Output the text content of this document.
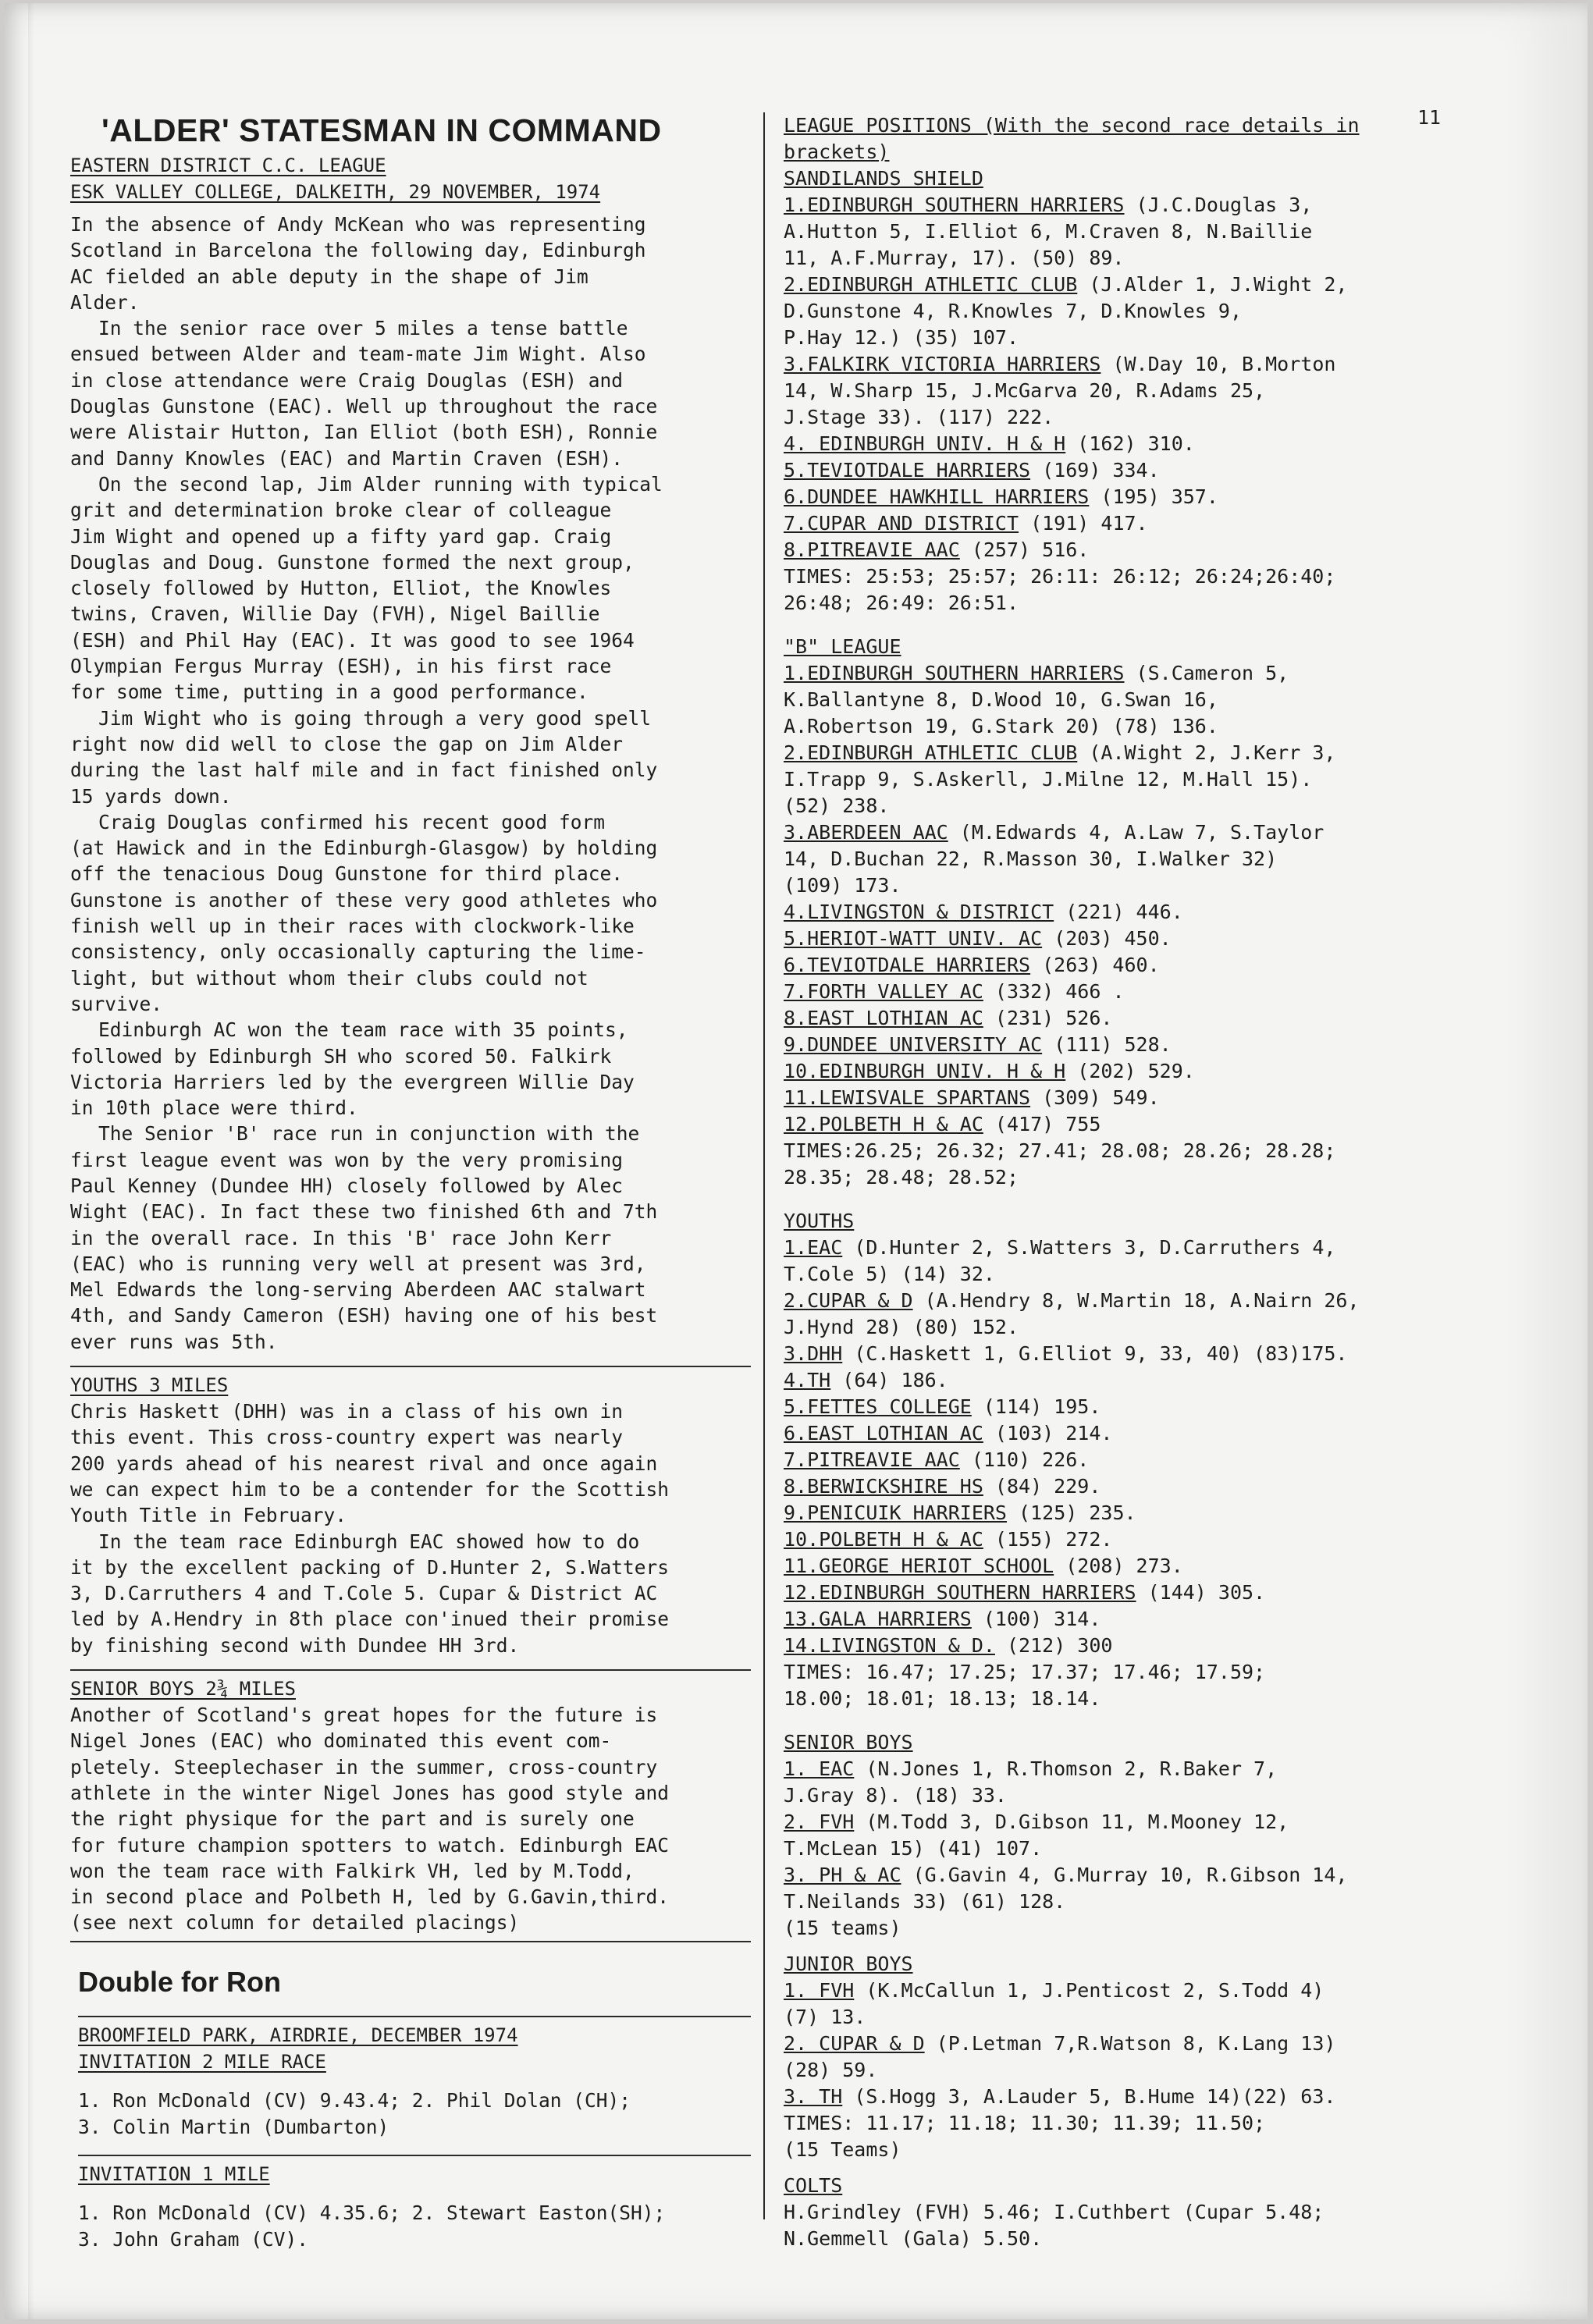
'ALDER' STATESMAN IN COMMAND

EASTERN DISTRICT C.C. LEAGUE

ESK VALLEY COLLEGE, DALKEITH, 29 NOVEMBER, 1974

In the absence of Andy McKean who was representing
Scotland in Barcelona the following day, Edinburgh
AC fielded an able deputy in the shape of Jim
Alder.

In the senior race over 5 miles a tense battle
ensued between Alder and team-mate Jim Wight. Also
in close attendance were Craig Douglas (ESH) and
Douglas Gunstone (EAC). Well up throughout the race
were Alistair Hutton, Ian Elliot (both ESH), Ronnie
and Danny Knowles (EAC) and Martin Craven (ESH).

On the second lap, Jim Alder running with typical
grit and determination broke clear of colleague
Jim Wight and opened up a fifty yard gap. Craig
Douglas and Doug. Gunstone formed the next group,
closely followed by Hutton, Elliot, the Knowles
twins, Craven, Willie Day (FVH), Nigel Baillie
(ESH) and Phil Hay (EAC). It was good to see 1964
Olympian Fergus Murray (ESH), in his first race
for some time, putting in a good performance.

Jim Wight who is going through a very good spell
right now did well to close the gap on Jim Alder
during the last half mile and in fact finished only
15 yards down.

Craig Douglas confirmed his recent good form
(at Hawick and in the Edinburgh-Glasgow) by holding
off the tenacious Doug Gunstone for third place.
Gunstone is another of these very good athletes who
finish well up in their races with clockwork-like
consistency, only occasionally capturing the lime-
light, but without whom their clubs could not
survive.

Edinburgh AC won the team race with 35 points,
followed by Edinburgh SH who scored 50. Falkirk
Victoria Harriers led by the evergreen Willie Day
in 10th place were third.

The Senior 'B' race run in conjunction with the
first league event was won by the very promising
Paul Kenney (Dundee HH) closely followed by Alec
Wight (EAC). In fact these two finished 6th and 7th
in the overall race. In this 'B' race John Kerr
(EAC) who is running very well at present was 3rd,
Mel Edwards the long-serving Aberdeen AAC stalwart
4th, and Sandy Cameron (ESH) having one of his best
ever runs was 5th.

YOUTHS 3 MILES

Chris Haskett (DHH) was in a class of his own in
this event. This cross-country expert was nearly
200 yards ahead of his nearest rival and once again
we can expect him to be a contender for the Scottish
Youth Title in February.

In the team race Edinburgh EAC showed how to do
it by the excellent packing of D.Hunter 2, S.Watters
3, D.Carruthers 4 and T.Cole 5. Cupar & District AC
led by A.Hendry in 8th place con'inued their promise
by finishing second with Dundee HH 3rd.

SENIOR BOYS 2¾ MILES

Another of Scotland's great hopes for the future is
Nigel Jones (EAC) who dominated this event com-
pletely. Steeplechaser in the summer, cross-country
athlete in the winter Nigel Jones has good style and
the right physique for the part and is surely one
for future champion spotters to watch. Edinburgh EAC
won the team race with Falkirk VH, led by M.Todd,
in second place and Polbeth H, led by G.Gavin,third.
(see next column for detailed placings)

Double for Ron

BROOMFIELD PARK, AIRDRIE, DECEMBER 1974

INVITATION 2 MILE RACE

1. Ron McDonald (CV) 9.43.4; 2. Phil Dolan (CH);
3. Colin Martin (Dumbarton)

INVITATION 1 MILE

1. Ron McDonald (CV) 4.35.6; 2. Stewart Easton(SH);
3. John Graham (CV).

LEAGUE POSITIONS (With the second race details in
brackets)

11

SANDILANDS SHIELD

1.EDINBURGH SOUTHERN HARRIERS (J.C.Douglas 3,
A.Hutton 5, I.Elliot 6, M.Craven 8, N.Baillie
11, A.F.Murray, 17). (50) 89.

2.EDINBURGH ATHLETIC CLUB (J.Alder 1, J.Wight 2,
D.Gunstone 4, R.Knowles 7, D.Knowles 9,
P.Hay 12.) (35) 107.

3.FALKIRK VICTORIA HARRIERS (W.Day 10, B.Morton
14, W.Sharp 15, J.McGarva 20, R.Adams 25,
J.Stage 33). (117) 222.

4. EDINBURGH UNIV. H & H (162) 310.

5.TEVIOTDALE HARRIERS (169) 334.

6.DUNDEE HAWKHILL HARRIERS (195) 357.

7.CUPAR AND DISTRICT (191) 417.

8.PITREAVIE AAC (257) 516.

TIMES: 25:53; 25:57; 26:11: 26:12; 26:24;26:40;
26:48; 26:49: 26:51.

"B" LEAGUE

1.EDINBURGH SOUTHERN HARRIERS (S.Cameron 5,
K.Ballantyne 8, D.Wood 10, G.Swan 16,
A.Robertson 19, G.Stark 20) (78) 136.

2.EDINBURGH ATHLETIC CLUB (A.Wight 2, J.Kerr 3,
I.Trapp 9, S.Askerll, J.Milne 12, M.Hall 15).
(52) 238.

3.ABERDEEN AAC (M.Edwards 4, A.Law 7, S.Taylor
14, D.Buchan 22, R.Masson 30, I.Walker 32)
(109) 173.

4.LIVINGSTON & DISTRICT (221) 446.

5.HERIOT-WATT UNIV. AC (203) 450.

6.TEVIOTDALE HARRIERS (263) 460.

7.FORTH VALLEY AC (332) 466 .

8.EAST LOTHIAN AC (231) 526.

9.DUNDEE UNIVERSITY AC (111) 528.

10.EDINBURGH UNIV. H & H (202) 529.

11.LEWISVALE SPARTANS (309) 549.

12.POLBETH H & AC (417) 755

TIMES:26.25; 26.32; 27.41; 28.08; 28.26; 28.28;
28.35; 28.48; 28.52;

YOUTHS

1.EAC (D.Hunter 2, S.Watters 3, D.Carruthers 4,
T.Cole 5) (14) 32.

2.CUPAR & D (A.Hendry 8, W.Martin 18, A.Nairn 26,
J.Hynd 28) (80) 152.

3.DHH (C.Haskett 1, G.Elliot 9, 33, 40) (83)175.

4.TH (64) 186.

5.FETTES COLLEGE (114) 195.

6.EAST LOTHIAN AC (103) 214.

7.PITREAVIE AAC (110) 226.

8.BERWICKSHIRE HS (84) 229.

9.PENICUIK HARRIERS (125) 235.

10.POLBETH H & AC (155) 272.

11.GEORGE HERIOT SCHOOL (208) 273.

12.EDINBURGH SOUTHERN HARRIERS (144) 305.

13.GALA HARRIERS (100) 314.

14.LIVINGSTON & D. (212) 300

TIMES: 16.47; 17.25; 17.37; 17.46; 17.59;
18.00; 18.01; 18.13; 18.14.

SENIOR BOYS

1. EAC (N.Jones 1, R.Thomson 2, R.Baker 7,
J.Gray 8). (18) 33.

2. FVH (M.Todd 3, D.Gibson 11, M.Mooney 12,
T.McLean 15) (41) 107.

3. PH & AC (G.Gavin 4, G.Murray 10, R.Gibson 14,
T.Neilands 33) (61) 128.

(15 teams)

JUNIOR BOYS

1. FVH (K.McCallun 1, J.Penticost 2, S.Todd 4)
(7) 13.

2. CUPAR & D (P.Letman 7,R.Watson 8, K.Lang 13)
(28) 59.

3. TH (S.Hogg 3, A.Lauder 5, B.Hume 14)(22) 63.

TIMES: 11.17; 11.18; 11.30; 11.39; 11.50;
(15 Teams)

COLTS

H.Grindley (FVH) 5.46; I.Cuthbert (Cupar 5.48;
N.Gemmell (Gala) 5.50.
